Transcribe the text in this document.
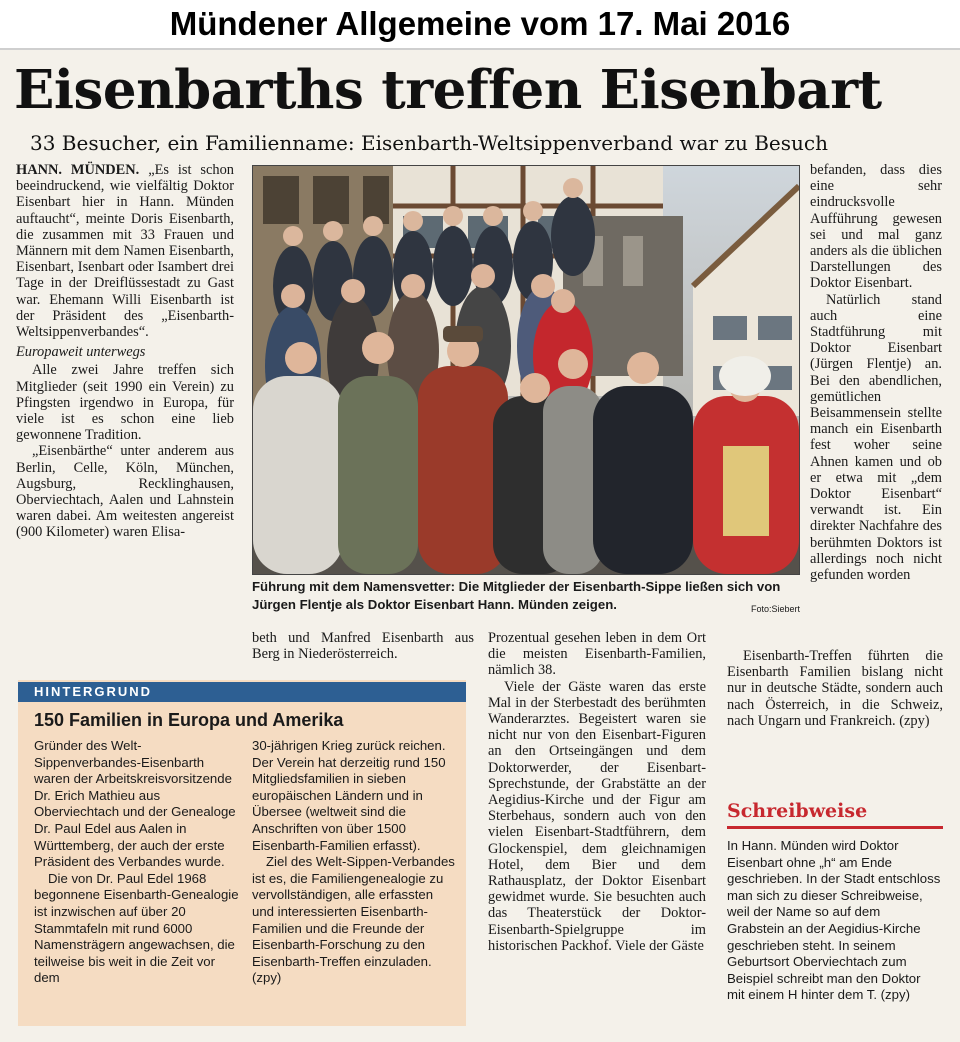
Mündener Allgemeine vom 17. Mai 2016
Eisenbarths treffen Eisenbart
33 Besucher, ein Familienname: Eisenbarth-Weltsippenverband war zu Besuch

HANN. MÜNDEN. „Es ist schon beeindruckend, wie vielfältig Doktor Eisenbart hier in Hann. Münden auftaucht“, meinte Doris Eisenbarth, die zusammen mit 33 Frauen und Männern mit dem Namen Eisenbarth, Eisenbart, Isenbart oder Isambert drei Tage in der Dreiflüssestadt zu Gast war. Ehemann Willi Eisenbarth ist der Präsident des „Eisenbarth-Weltsippenverbandes“.

Europaweit unterwegs

Alle zwei Jahre treffen sich Mitglieder (seit 1990 ein Verein) zu Pfingsten irgendwo in Europa, für viele ist es schon eine lieb gewonnene Tradition.

„Eisenbärthe“ unter anderem aus Berlin, Celle, Köln, München, Augsburg, Recklinghausen, Oberviechtach, Aalen und Lahnstein waren dabei. Am weitesten angereist (900 Kilometer) waren Elisa-

Führung mit dem Namensvetter: Die Mitglieder der Eisenbarth-Sippe ließen sich von Jürgen Flentje als Doktor Eisenbart Hann. Münden zeigen.	Foto:Siebert

befanden, dass dies eine sehr eindrucksvolle Aufführung gewesen sei und mal ganz anders als die üblichen Darstellungen des Doktor Eisenbart.

Natürlich stand auch eine Stadtführung mit Doktor Eisenbart (Jürgen Flentje) an. Bei den abendlichen, gemütlichen Beisammensein stellte manch ein Eisenbarth fest woher seine Ahnen kamen und ob er etwa mit „dem Doktor Eisenbart“ verwandt ist. Ein direkter Nachfahre des berühmten Doktors ist allerdings noch nicht gefunden worden

beth und Manfred Eisenbarth aus Berg in Niederösterreich.

Prozentual gesehen leben in dem Ort die meisten Eisenbarth-Familien, nämlich 38.

Viele der Gäste waren das erste Mal in der Sterbestadt des berühmten Wanderarztes. Begeistert waren sie nicht nur von den Eisenbart-Figuren an den Ortseingängen und dem Doktorwerder, der Eisenbart-Sprechstunde, der Grabstätte an der Aegidius-Kirche und der Figur am Sterbehaus, sondern auch von den vielen Eisenbart-Stadtführern, dem Glockenspiel, dem gleichnamigen Hotel, dem Bier und dem Rathausplatz, der Doktor Eisenbart gewidmet wurde. Sie besuchten auch das Theaterstück der Doktor-Eisenbarth-Spielgruppe im historischen Packhof. Viele der Gäste

Eisenbarth-Treffen führten die Eisenbarth Familien bislang nicht nur in deutsche Städte, sondern auch nach Österreich, in die Schweiz, nach Ungarn und Frankreich. (zpy)

HINTERGRUND
150 Familien in Europa und Amerika

Gründer des Welt-Sippenverbandes-Eisenbarth waren der Arbeitskreisvorsitzende Dr. Erich Mathieu aus Oberviechtach und der Genealoge Dr. Paul Edel aus Aalen in Württemberg, der auch der erste Präsident des Verbandes wurde.

Die von Dr. Paul Edel 1968 begonnene Eisenbarth-Genealogie ist inzwischen auf über 20 Stammtafeln mit rund 6000 Namensträgern angewachsen, die teilweise bis weit in die Zeit vor dem

30-jährigen Krieg zurück reichen. Der Verein hat derzeitig rund 150 Mitgliedsfamilien in sieben europäischen Ländern und in Übersee (weltweit sind die Anschriften von über 1500 Eisenbarth-Familien erfasst).

Ziel des Welt-Sippen-Verbandes ist es, die Familiengenealogie zu vervollständigen, alle erfassten und interessierten Eisenbarth-Familien und die Freunde der Eisenbarth-Forschung zu den Eisenbarth-Treffen einzuladen. (zpy)

Schreibweise

In Hann. Münden wird Doktor Eisenbart ohne „h“ am Ende geschrieben. In der Stadt entschloss man sich zu dieser Schreibweise, weil der Name so auf dem Grabstein an der Aegidius-Kirche geschrieben steht. In seinem Geburtsort Oberviechtach zum Beispiel schreibt man den Doktor mit einem H hinter dem T. (zpy)
